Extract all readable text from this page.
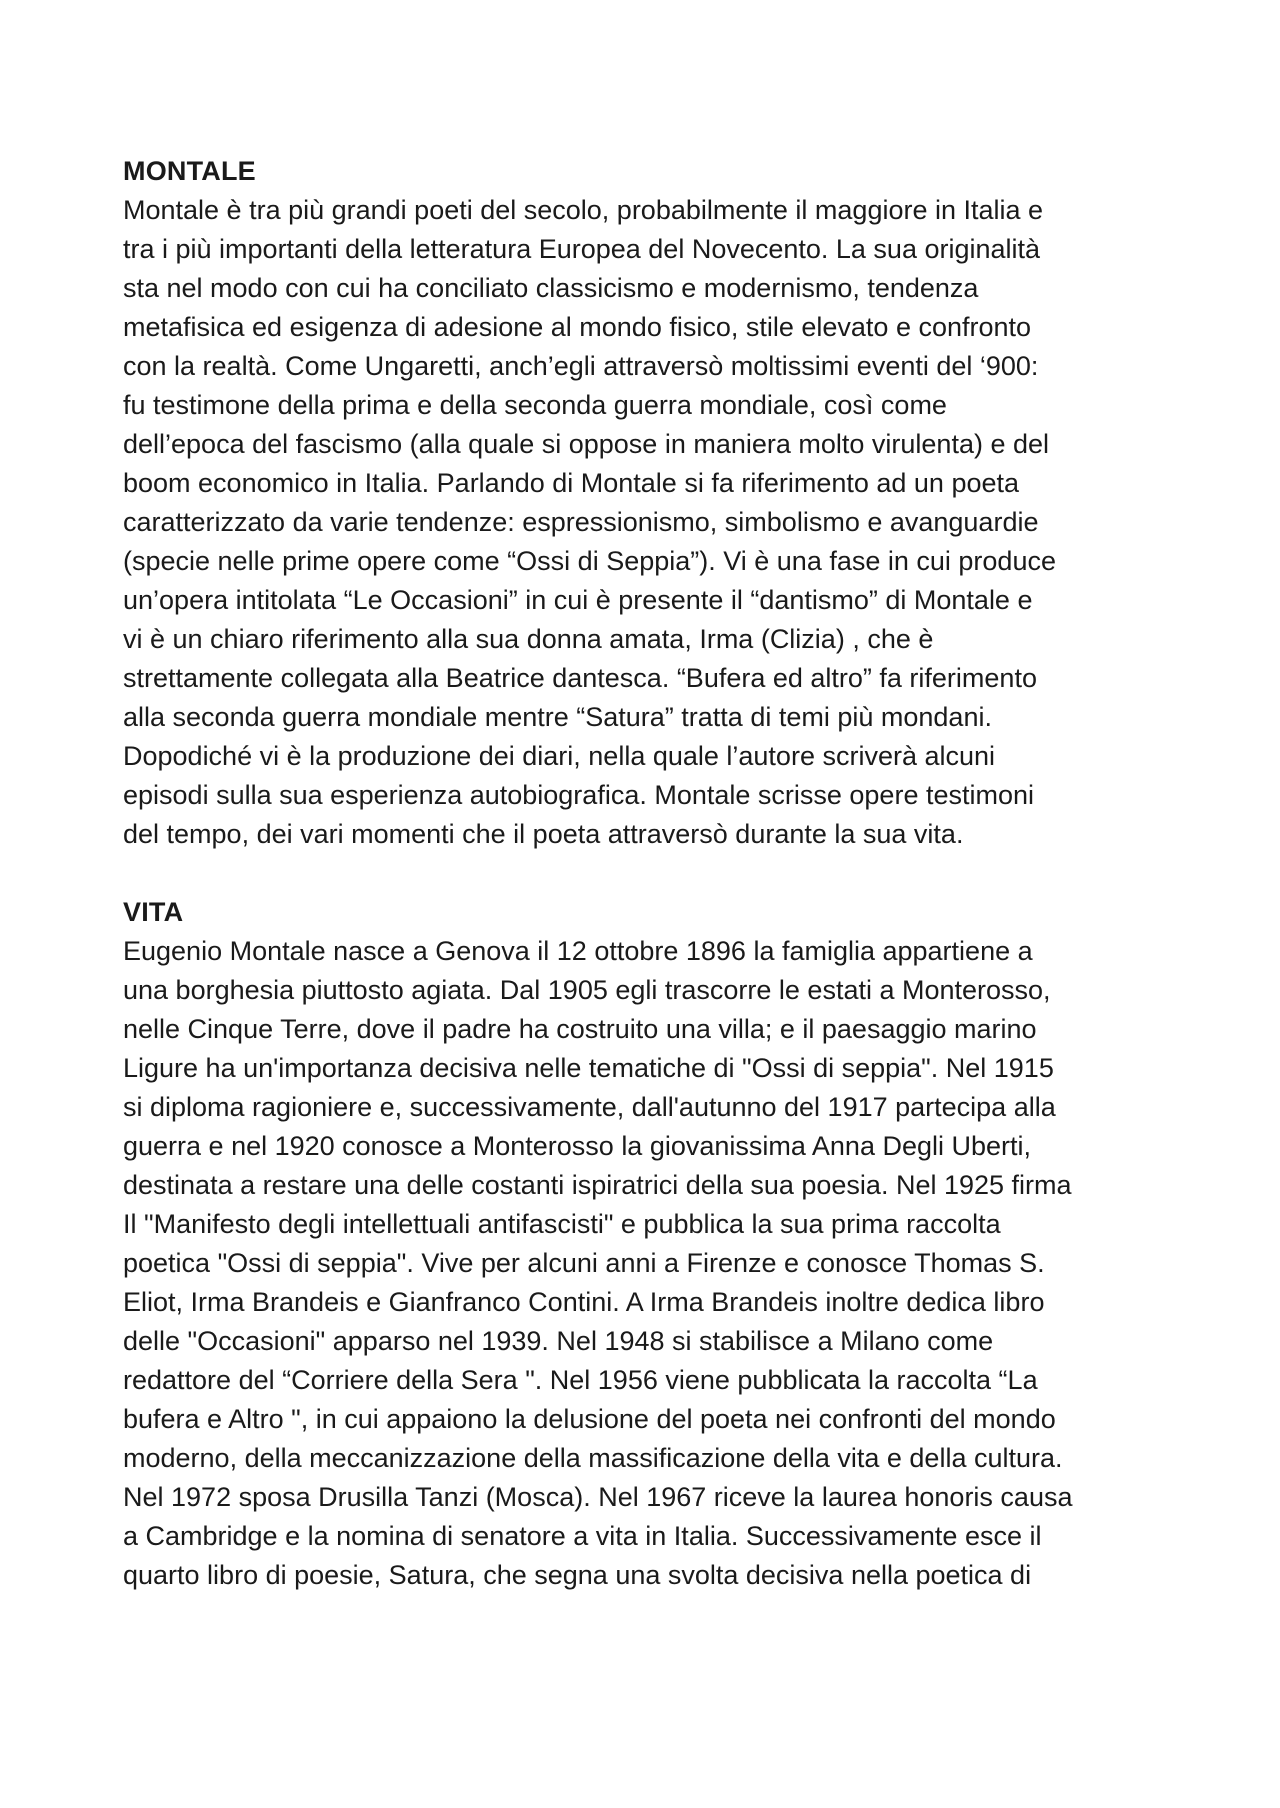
MONTALE
Montale è tra più grandi poeti del secolo, probabilmente il maggiore in Italia e
tra i più importanti della letteratura Europea del Novecento. La sua originalità
sta nel modo con cui ha conciliato classicismo e modernismo, tendenza
metafisica ed esigenza di adesione al mondo fisico, stile elevato e confronto
con la realtà. Come Ungaretti, anch’egli attraversò moltissimi eventi del ‘900:
fu testimone della prima e della seconda guerra mondiale, così come
dell’epoca del fascismo (alla quale si oppose in maniera molto virulenta) e del
boom economico in Italia. Parlando di Montale si fa riferimento ad un poeta
caratterizzato da varie tendenze: espressionismo, simbolismo e avanguardie
(specie nelle prime opere come “Ossi di Seppia”). Vi è una fase in cui produce
un’opera intitolata “Le Occasioni” in cui è presente il “dantismo” di Montale e
vi è un chiaro riferimento alla sua donna amata, Irma (Clizia) , che è
strettamente collegata alla Beatrice dantesca. “Bufera ed altro” fa riferimento
alla seconda guerra mondiale mentre “Satura” tratta di temi più mondani.
Dopodiché vi è la produzione dei diari, nella quale l’autore scriverà alcuni
episodi sulla sua esperienza autobiografica. Montale scrisse opere testimoni
del tempo, dei vari momenti che il poeta attraversò durante la sua vita.
VITA
Eugenio Montale nasce a Genova il 12 ottobre 1896 la famiglia appartiene a
una borghesia piuttosto agiata. Dal 1905 egli trascorre le estati a Monterosso,
nelle Cinque Terre, dove il padre ha costruito una villa; e il paesaggio marino
Ligure ha un'importanza decisiva nelle tematiche di "Ossi di seppia". Nel 1915
si diploma ragioniere e, successivamente, dall'autunno del 1917 partecipa alla
guerra e nel 1920 conosce a Monterosso la giovanissima Anna Degli Uberti,
destinata a restare una delle costanti ispiratrici della sua poesia. Nel 1925 firma
Il "Manifesto degli intellettuali antifascisti" e pubblica la sua prima raccolta
poetica "Ossi di seppia". Vive per alcuni anni a Firenze e conosce Thomas S.
Eliot, Irma Brandeis e Gianfranco Contini. A Irma Brandeis inoltre dedica libro
delle "Occasioni" apparso nel 1939. Nel 1948 si stabilisce a Milano come
redattore del “Corriere della Sera ". Nel 1956 viene pubblicata la raccolta “La
bufera e Altro ", in cui appaiono la delusione del poeta nei confronti del mondo
moderno, della meccanizzazione della massificazione della vita e della cultura.
Nel 1972 sposa Drusilla Tanzi (Mosca). Nel 1967 riceve la laurea honoris causa
a Cambridge e la nomina di senatore a vita in Italia. Successivamente esce il
quarto libro di poesie, Satura, che segna una svolta decisiva nella poetica di
